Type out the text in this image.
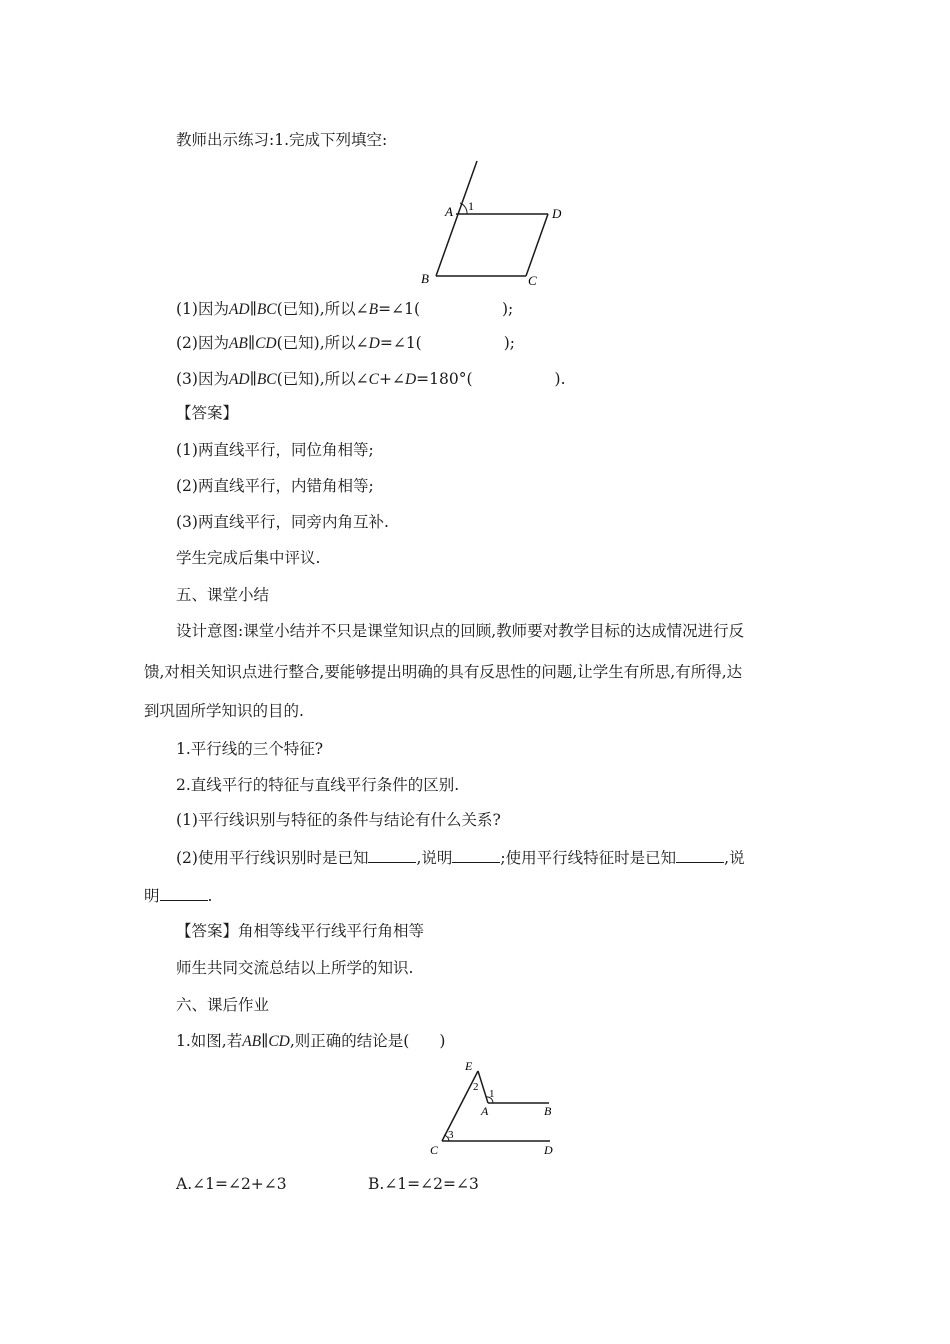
教师出示练习:1.完成下列填空:
A 1	D
B	C
(1)因为AD∥BC(已知),所以∠B=∠1(	);
(2)因为AB∥CD(已知),所以∠D=∠1(	);
(3)因为AD∥BC(已知),所以∠C+∠D=180°(	).
【答案】
(1)两直线平行，同位角相等;
(2)两直线平行，内错角相等;
(3)两直线平行，同旁内角互补.
学生完成后集中评议.
五、课堂小结
设计意图:课堂小结并不只是课堂知识点的回顾,教师要对教学目标的达成情况进行反
馈,对相关知识点进行整合,要能够提出明确的具有反思性的问题,让学生有所思,有所得,达
到巩固所学知识的目的.
1.平行线的三个特征?
2.直线平行的特征与直线平行条件的区别.
(1)平行线识别与特征的条件与结论有什么关系?
(2)使用平行线识别时是已知	,说明	;使用平行线特征时是已知	,说
明	.
【答案】角相等线平行线平行角相等
师生共同交流总结以上所学的知识.
六、课后作业
1.如图,若AB∥CD,则正确的结论是( )
E
2
1
A	B
3
C	D
A.∠1=∠2+∠3	B.∠1=∠2=∠3
